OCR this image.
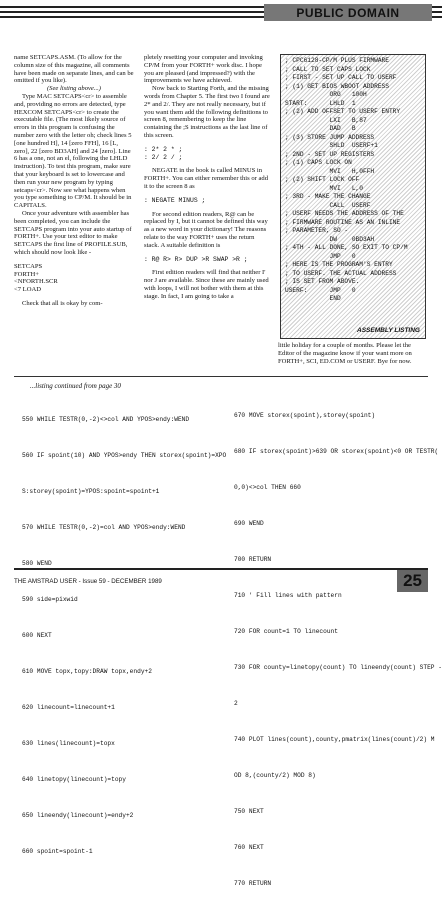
PUBLIC DOMAIN

name SETCAPS.ASM. (To allow for the column size of this magazine, all comments have been made on separate lines, and can be omitted if you like).

(See listing above...)

Type MAC SETCAPS<cr> to assemble and, providing no errors are detected, type HEXCOM SETCAPS<cr> to create the executable file. (The most likely source of errors in this program is confusing the number zero with the letter oh; check lines 5 [one hundred H], 14 [zero FFH], 16 [L, zero], 22 [zero BD3AH] and 24 [zero]. Line 6 has a one, not an el, following the LHLD instruction). To test this program, make sure that your keyboard is set to lowercase and then run your new program by typing setcaps<cr>. Now see what happens when you type something to CP/M. It should be in CAPITALS.

Once your adventure with assembler has been completed, you can include the SETCAPS program into your auto startup of FORTH+. Use your text editor to make SETCAPS the first line of PROFILE.SUB, which should now look like -

SETCAPS

FORTH+

<NFORTH.SCR

<7 LOAD

Check that all is okay by com-

pletely resetting your computer and invoking CP/M from your FORTH+ work disc. I hope you are pleased (and impressed?) with the improvements we have achieved.

Now back to Starting Forth, and the missing words from Chapter 5. The first two I found are 2* and 2/. They are not really necessary, but if you want them add the following definitions to screen 8, remembering to keep the line containing the ;S instructions as the last line of this screen.

: 2* 2 * ;

: 2/ 2 / ;

NEGATE in the book is called MINUS in FORTH+. You can either remember this or add it to the screen 8 as

: NEGATE MINUS ;

For second edition readers, R@ can be replaced by I, but it cannot be defined this way as a new word in your dictionary! The reasons relate to the way FORTH+ uses the return stack. A suitable definition is

: R@ R> R> DUP >R SWAP >R ;

First edition readers will find that neither I' nor J are available. Since these are mainly used with loops, I will not bother with them at this stage. In fact, I am going to take a

; CPC6128-CP/M PLUS FIRMWARE
; CALL TO SET CAPS LOCK
; FIRST - SET UP CALL TO USERF
; (1) GET BIOS WBOOT ADDRESS
ORG   100H
START:      LHLD  1
; (2) ADD OFFSET TO USERF ENTRY
LXI   B,87
DAD   B
; (3) STORE JUMP ADDRESS
SHLD  USERF+1
; 2ND - SET UP REGISTERS
; (1) CAPS LOCK ON
MVI   H,0FFH
; (2) SHIFT LOCK OFF
MVI   L,0
; 3RD - MAKE THE CHANGE
CALL  USERF
; USERF NEEDS THE ADDRESS OF THE
; FIRMWARE ROUTINE AS AN INLINE
; PARAMETER, SO -
DW    0BD3AH
; 4TH - ALL DONE, SO EXIT TO CP/M
JMP   0
; HERE IS THE PROGRAM'S ENTRY
; TO USERF. THE ACTUAL ADDRESS
; IS SET FROM ABOVE.
USERF:      JMP   0
END
ASSEMBLY LISTING

little holiday for a couple of months. Please let the Editor of the magazine know if your want more on FORTH+, SCI, ED.COM or USERF. Bye for now.

...listing continued from page 30

550 WHILE TESTR(0,-2)<>col AND YPOS>endy:WEND

560 IF spoint(10) AND YPOS>endy THEN storex(spoint)=XPO

S:storey(spoint)=YPOS:spoint=spoint+1

570 WHILE TESTR(0,-2)=col AND YPOS>endy:WEND

580 WEND

590 side=pixwid

600 NEXT

610 MOVE topx,topy:DRAW topx,endy+2

620 linecount=linecount+1

630 lines(linecount)=topx

640 linetopy(linecount)=topy

650 lineendy(linecount)=endy+2

660 spoint=spoint-1

670 MOVE storex(spoint),storey(spoint)

680 IF storex(spoint)>639 OR storex(spoint)<0 OR TESTR(

0,0)<>col THEN 660

690 WEND

700 RETURN

710 ' Fill lines with pattern

720 FOR count=1 TO linecount

730 FOR county=linetopy(count) TO lineendy(count) STEP -

2

740 PLOT lines(count),county,pmatrix(lines(count)/2) M

OD 8,(county/2) MOD 8)

750 NEXT

760 NEXT

770 RETURN

THE AMSTRAD USER - Issue 59 - DECEMBER 1989	25
